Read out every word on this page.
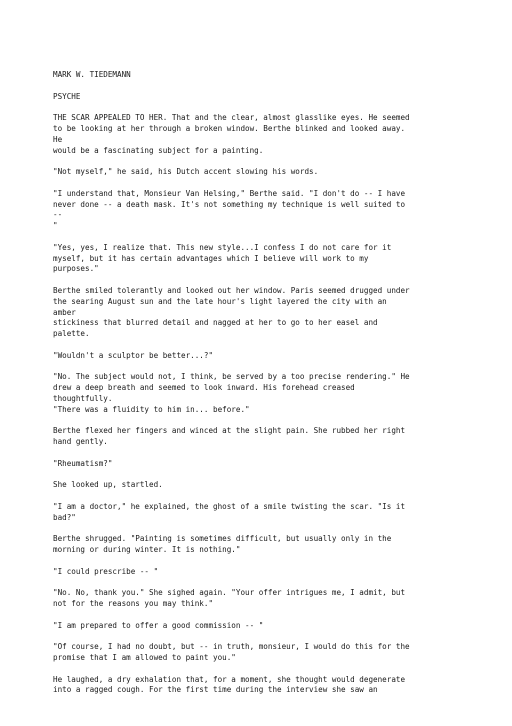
MARK W. TIEDEMANN
PSYCHE
THE SCAR APPEALED TO HER. That and the clear, almost glasslike eyes. He seemed
to be looking at her through a broken window. Berthe blinked and looked away.
He
would be a fascinating subject for a painting.
"Not myself," he said, his Dutch accent slowing his words.
"I understand that, Monsieur Van Helsing," Berthe said. "I don't do -- I have
never done -- a death mask. It's not something my technique is well suited to
--
"
"Yes, yes, I realize that. This new style...I confess I do not care for it
myself, but it has certain advantages which I believe will work to my
purposes."
Berthe smiled tolerantly and looked out her window. Paris seemed drugged under
the searing August sun and the late hour's light layered the city with an
amber
stickiness that blurred detail and nagged at her to go to her easel and
palette.
"Wouldn't a sculptor be better...?"
"No. The subject would not, I think, be served by a too precise rendering." He
drew a deep breath and seemed to look inward. His forehead creased
thoughtfully.
"There was a fluidity to him in... before."
Berthe flexed her fingers and winced at the slight pain. She rubbed her right
hand gently.
"Rheumatism?"
She looked up, startled.
"I am a doctor," he explained, the ghost of a smile twisting the scar. "Is it
bad?"
Berthe shrugged. "Painting is sometimes difficult, but usually only in the
morning or during winter. It is nothing."
"I could prescribe -- "
"No. No, thank you." She sighed again. "Your offer intrigues me, I admit, but
not for the reasons you may think."
"I am prepared to offer a good commission -- "
"Of course, I had no doubt, but -- in truth, monsieur, I would do this for the
promise that I am allowed to paint you."
He laughed, a dry exhalation that, for a moment, she thought would degenerate
into a ragged cough. For the first time during the interview she saw an
